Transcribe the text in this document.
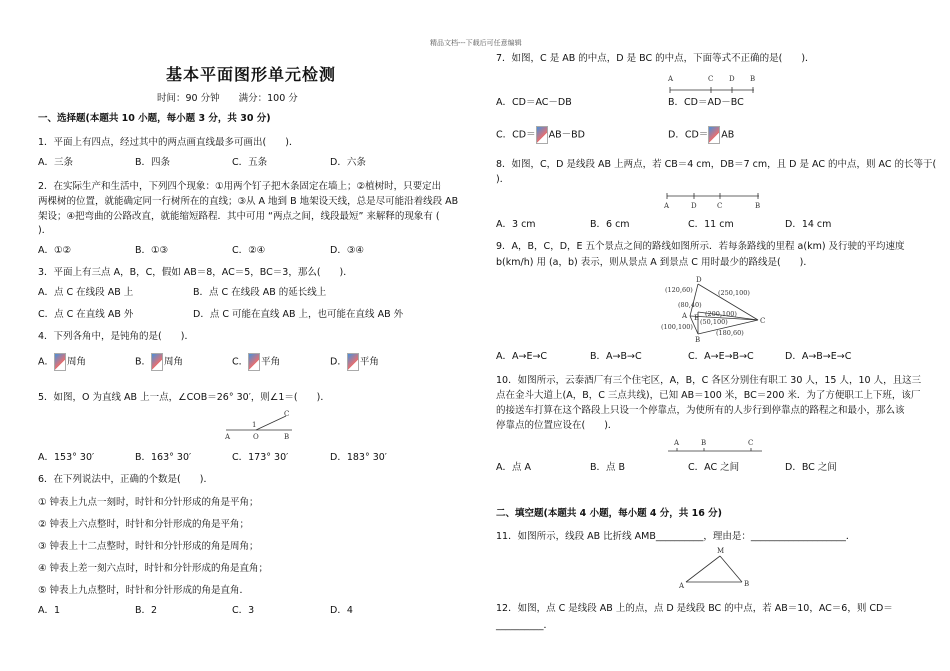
精品文档---下载后可任意编辑
基本平面图形单元检测
时间：90 分钟　　满分：100 分
一、选择题(本题共 10 小题，每小题 3 分，共 30 分)
1．平面上有四点，经过其中的两点画直线最多可画出(　　)．
A．三条	B．四条	C．五条	D．六条
2．在实际生产和生活中，下列四个现象：①用两个钉子把木条固定在墙上；②植树时，只要定出
两棵树的位置，就能确定同一行树所在的直线；③从 A 地到 B 地架设天线，总是尽可能沿着线段 AB
架设；④把弯曲的公路改直，就能缩短路程．其中可用 “两点之间，线段最短” 来解释的现象有 (
)．
A．①②	B．①③	C．②④	D．③④
3．平面上有三点 A，B，C，假如 AB＝8，AC＝5，BC＝3，那么(　　)．
A．点 C 在线段 AB 上	B．点 C 在线段 AB 的延长线上
C．点 C 在直线 AB 外	D．点 C 可能在直线 AB 上，也可能在直线 AB 外
4．下列各角中，是钝角的是(　　)．
A． 周角	B． 周角	C． 平角	D． 平角
5．如图，O 为直线 AB 上一点，∠COB＝26° 30′，则∠1＝(　　)．
C
A	O	B
1
A．153° 30′	B．163° 30′	C．173° 30′	D．183° 30′
6．在下列说法中，正确的个数是(　　)．
① 钟表上九点一刻时，时针和分针形成的角是平角；
② 钟表上六点整时，时针和分针形成的角是平角；
③ 钟表上十二点整时，时针和分针形成的角是周角；
④ 钟表上差一刻六点时，时针和分针形成的角是直角；
⑤ 钟表上九点整时，时针和分针形成的角是直角．
A．1	B．2	C．3	D．4
7．如图，C 是 AB 的中点，D 是 BC 的中点，下面等式不正确的是(　　)．
A	C D B
A．CD＝AC－DB	B．CD＝AD－BC
C．CD＝ AB－BD	D．CD＝ AB
8．如图，C，D 是线段 AB 上两点，若 CB＝4 cm，DB＝7 cm，且 D 是 AC 的中点，则 AC 的长等于(
)．
A	D	C	B
A．3 cm	B．6 cm	C．11 cm	D．14 cm
9．A，B，C，D，E 五个景点之间的路线如图所示．若每条路线的里程 a(km) 及行驶的平均速度
b(km/h) 用 (a，b) 表示，则从景点 A 到景点 C 用时最少的路线是(　　)．
D
(120,60)	(250,100)
(80,40)
A E (200,100)
(50,100)	C
(100,100)
(180,60)
B
A．A→E→C	B．A→B→C	C．A→E→B→C	D．A→B→E→C
10．如图所示，云泰酒厂有三个住宅区，A，B，C 各区分别住有职工 30 人，15 人，10 人，且这三
点在金斗大道上(A，B，C 三点共线)，已知 AB＝100 米，BC＝200 米．为了方便职工上下班，该厂
的接送车打算在这个路段上只设一个停靠点，为使所有的人步行到停靠点的路程之和最小，那么该
停靠点的位置应设在(　　)．
A	B	C
A．点 A	B．点 B	C．AC 之间	D．BC 之间
二、填空题(本题共 4 小题，每小题 4 分，共 16 分)
11．如图所示，线段 AB 比折线 AMB__________，理由是：____________________．
M
A	B
12．如图，点 C 是线段 AB 上的点，点 D 是线段 BC 的中点，若 AB＝10，AC＝6，则 CD＝
__________．
